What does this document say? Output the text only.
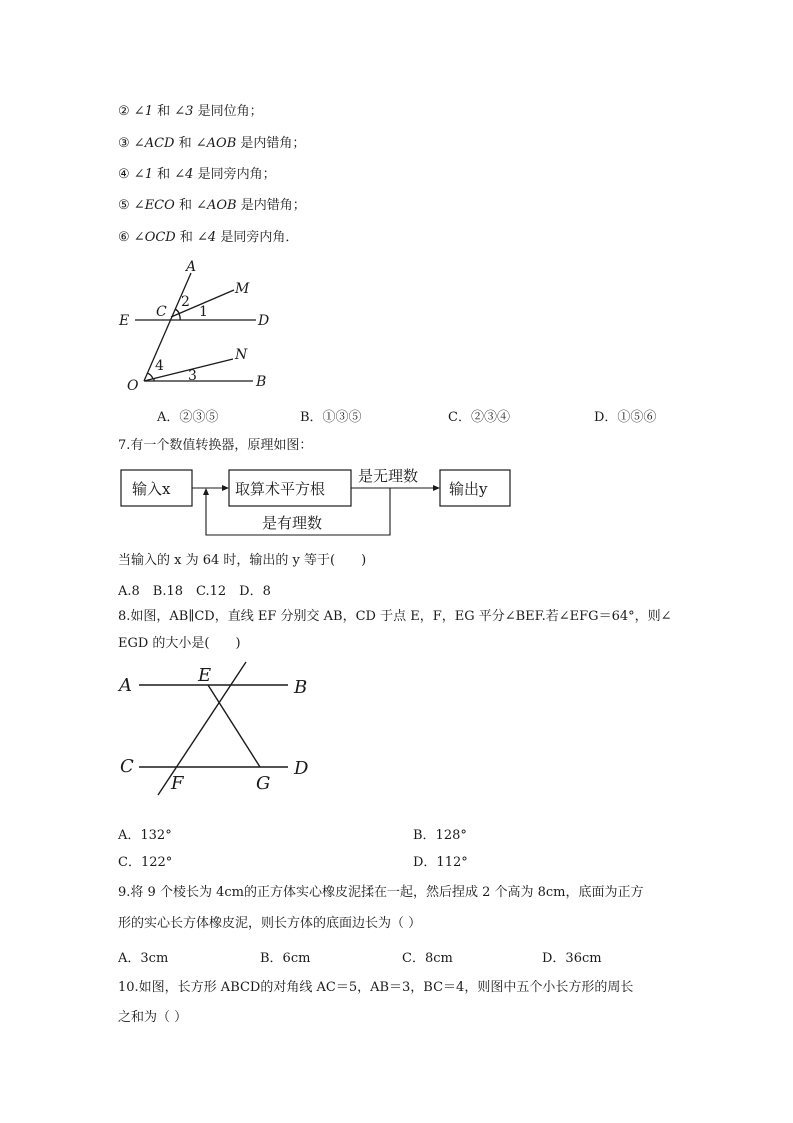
② ∠1 和 ∠3 是同位角；
③ ∠ACD 和 ∠AOB 是内错角；
④ ∠1 和 ∠4 是同旁内角；
⑤ ∠ECO 和 ∠AOB 是内错角；
⑥ ∠OCD 和 ∠4 是同旁内角．
A
M
C
2
1
E	D
N
4
O
3	B
A．②③⑤	B．①③⑤	C．②③④	D．①⑤⑥
7.有一个数值转换器，原理如图：
输入x	取算术平方根
是无理数
输出y
是有理数
当输入的 x 为 64 时，输出的 y 等于(　　)
A.8　B.18　C.12　D．8
8.如图，AB∥CD，直线 EF 分别交 AB，CD 于点 E，F，EG 平分∠BEF.若∠EFG＝64°，则∠
EGD 的大小是(　　)
A	E
B
C
F	G
D
A．132°	B．128°
C．122°	D．112°
9.将 9 个棱长为 4cm的正方体实心橡皮泥揉在一起，然后捏成 2 个高为 8cm，底面为正方
形的实心长方体橡皮泥，则长方体的底面边长为（ ）
A．3cm	B．6cm	C．8cm	D．36cm
10.如图，长方形 ABCD的对角线 AC＝5，AB＝3，BC＝4，则图中五个小长方形的周长
之和为（ ）
